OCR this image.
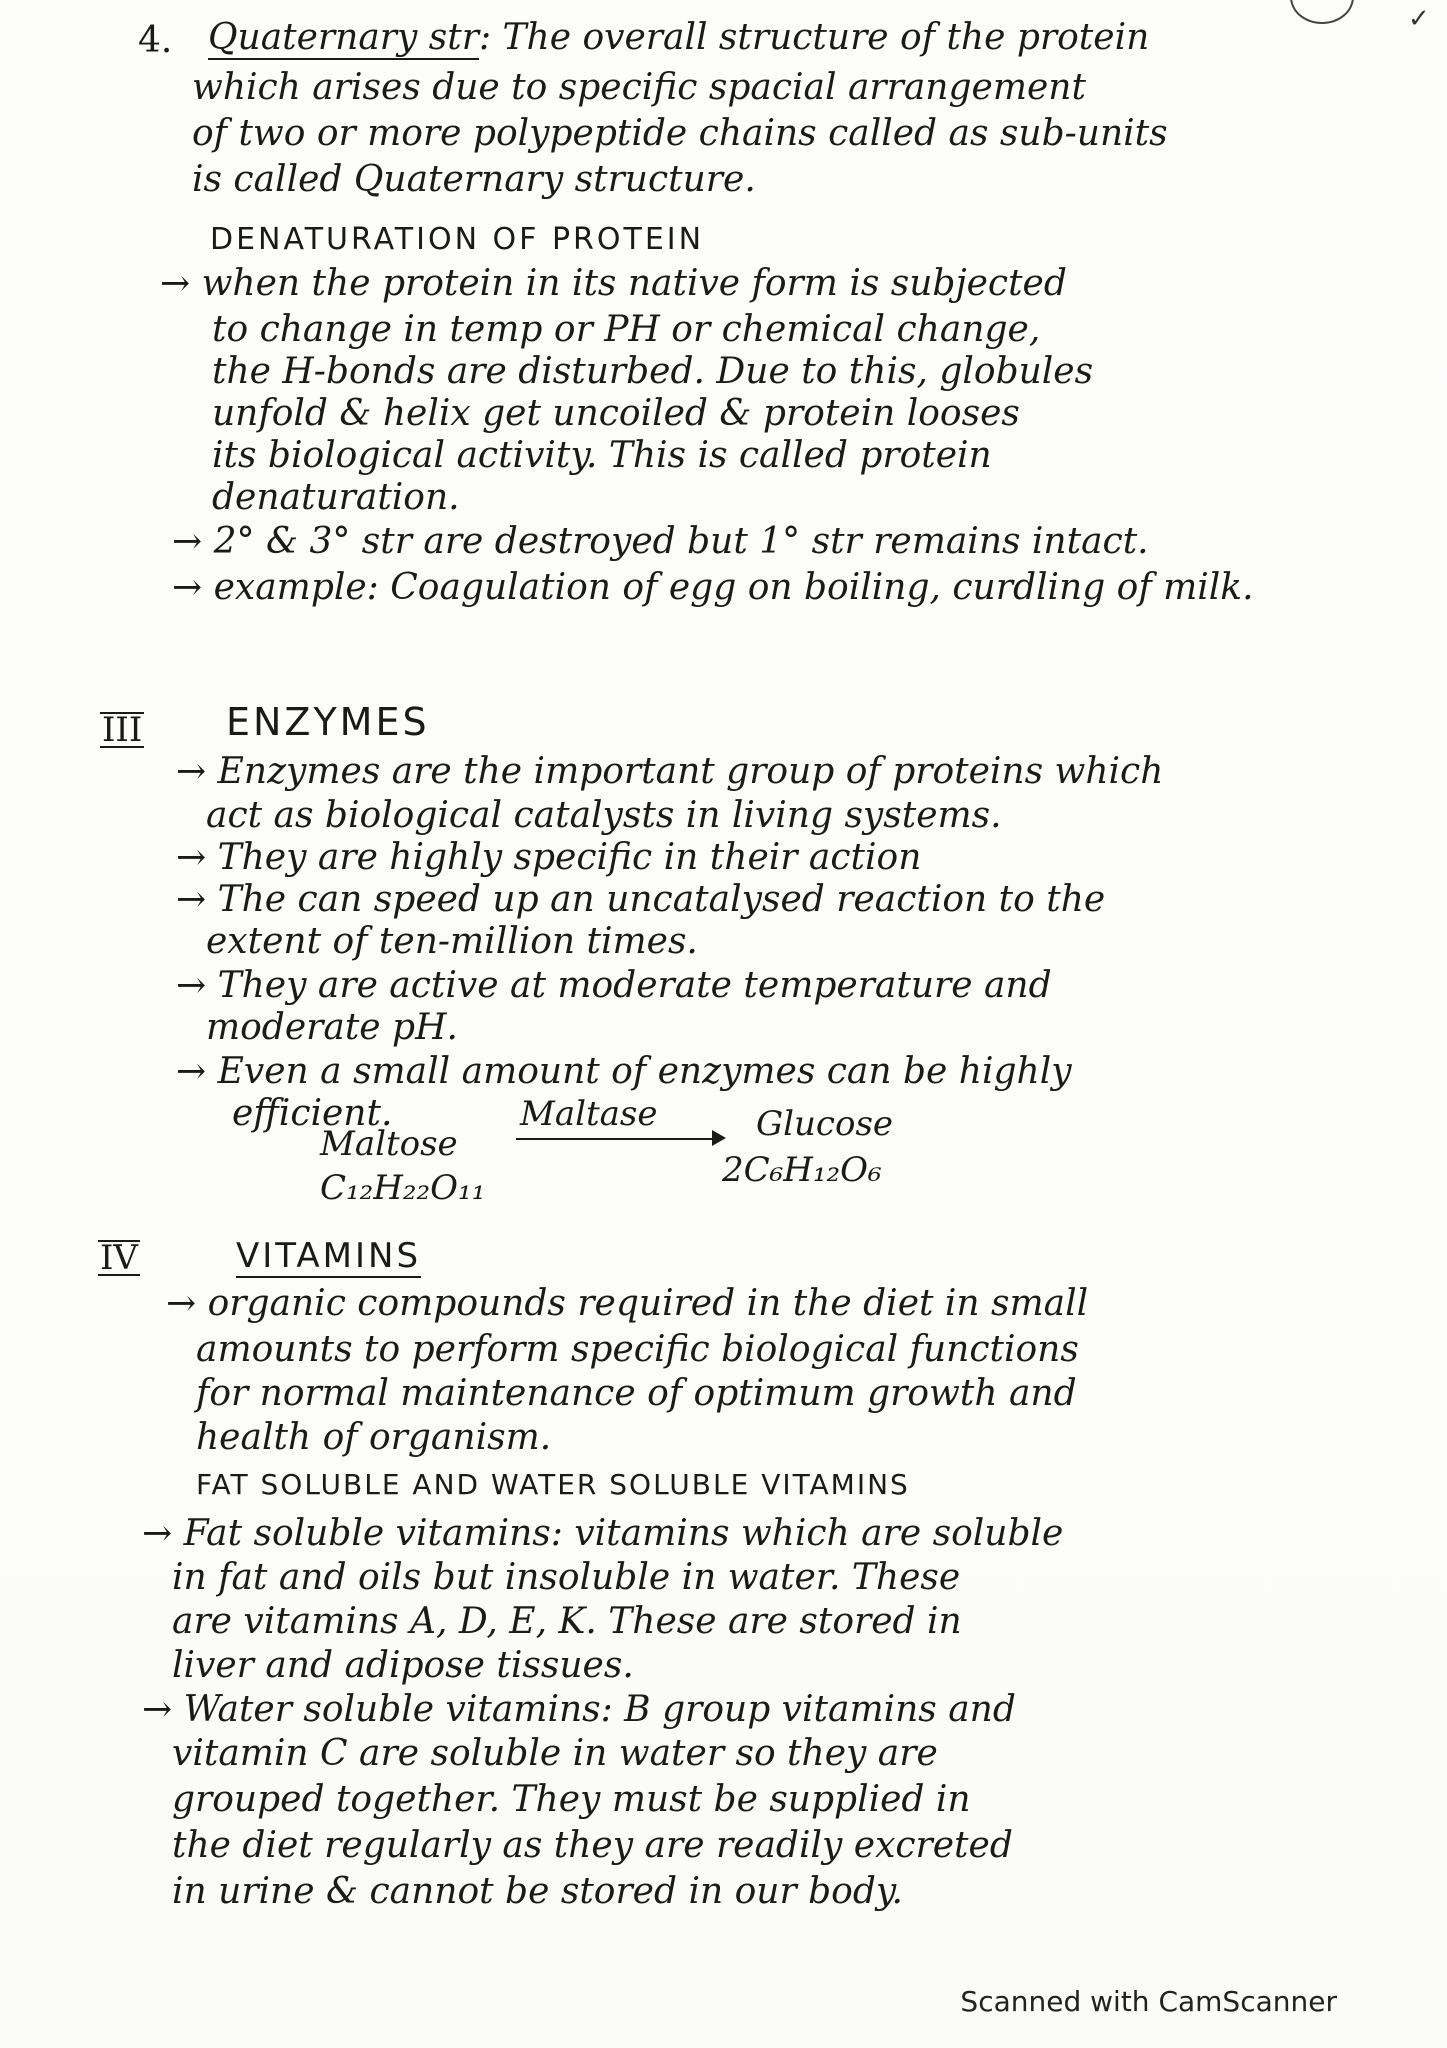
✓
4. Quaternary str: The overall structure of the protein
which arises due to specific spacial arrangement
of two or more polypeptide chains called as sub-units
is called Quaternary structure.
DENATURATION OF PROTEIN
→ when the protein in its native form is subjected
to change in temp or PH or chemical change,
the H-bonds are disturbed. Due to this, globules
unfold & helix get uncoiled & protein looses
its biological activity. This is called protein
denaturation.
→ 2° & 3° str are destroyed but 1° str remains intact.
→ example: Coagulation of egg on boiling, curdling of milk.
III ENZYMES
→ Enzymes are the important group of proteins which
act as biological catalysts in living systems.
→ They are highly specific in their action
→ The can speed up an uncatalysed reaction to the
extent of ten-million times.
→ They are active at moderate temperature and
moderate pH.
→ Even a small amount of enzymes can be highly
efficient.	Maltase
Maltose	Glucose
C₁₂H₂₂O₁₁	2C₆H₁₂O₆
IV	VITAMINS
→ organic compounds required in the diet in small
amounts to perform specific biological functions
for normal maintenance of optimum growth and
health of organism.
FAT SOLUBLE AND WATER SOLUBLE VITAMINS
→ Fat soluble vitamins: vitamins which are soluble
in fat and oils but insoluble in water. These
are vitamins A, D, E, K. These are stored in
liver and adipose tissues.
→ Water soluble vitamins: B group vitamins and
vitamin C are soluble in water so they are
grouped together. They must be supplied in
the diet regularly as they are readily excreted
in urine & cannot be stored in our body.
Scanned with CamScanner
